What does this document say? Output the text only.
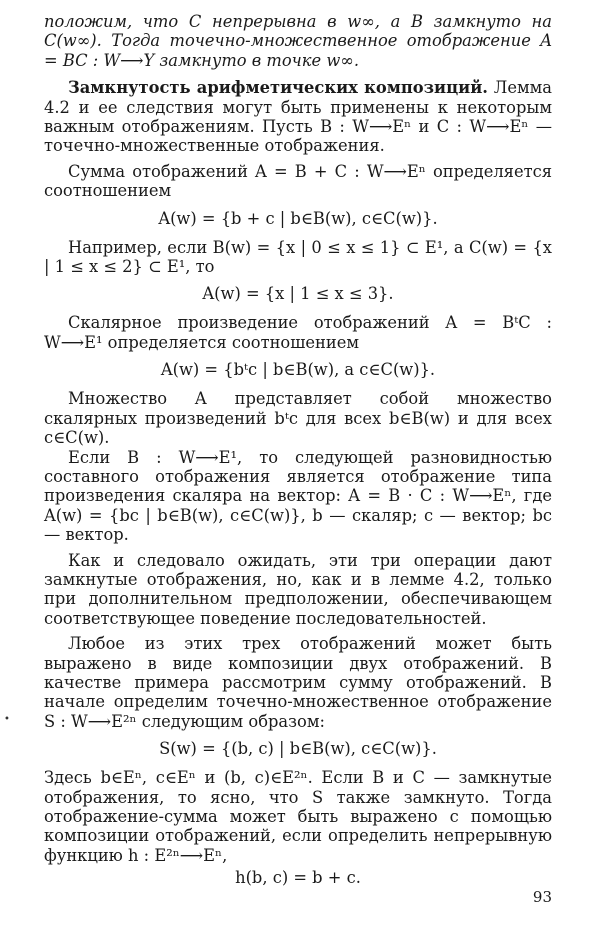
положим, что C непрерывна в w∞, а B замкнуто на C(w∞). Тогда точечно-множественное отображение A = BC : W⟶Y замкнуто в точке w∞.

Замкнутость арифметических композиций. Лемма 4.2 и ее следствия могут быть применены к некоторым важным отображениям. Пусть B : W⟶Eⁿ и C : W⟶Eⁿ — точечно-множественные отображения.

Сумма отображений A = B + C : W⟶Eⁿ определяется соотношением

A(w) = {b + c | b∈B(w), c∈C(w)}.

Например, если B(w) = {x | 0 ≤ x ≤ 1} ⊂ E¹, а C(w) = {x | 1 ≤ x ≤ 2} ⊂ E¹, то

A(w) = {x | 1 ≤ x ≤ 3}.

Скалярное произведение отображений A = BᵗC : W⟶E¹ определяется соотношением

A(w) = {bᵗc | b∈B(w), a c∈C(w)}.

Множество A представляет собой множество скалярных произведений bᵗc для всех b∈B(w) и для всех c∈C(w).

Если B : W⟶E¹, то следующей разновидностью составного отображения является отображение типа произведения скаляра на вектор: A = B · C : W⟶Eⁿ, где A(w) = {bc | b∈B(w), c∈C(w)}, b — скаляр; c — вектор; bc — вектор.

Как и следовало ожидать, эти три операции дают замкнутые отображения, но, как и в лемме 4.2, только при дополнительном предположении, обеспечивающем соответствующее поведение последовательностей.

Любое из этих трех отображений может быть выражено в виде композиции двух отображений. В качестве примера рассмотрим сумму отображений. В начале определим точечно-множественное отображение S : W⟶E²ⁿ следующим образом:

S(w) = {(b, c) | b∈B(w), c∈C(w)}.

Здесь b∈Eⁿ, c∈Eⁿ и (b, c)∈E²ⁿ. Если B и C — замкнутые отображения, то ясно, что S также замкнуто. Тогда отображение-сумма может быть выражено с помощью композиции отображений, если определить непрерывную функцию h : E²ⁿ⟶Eⁿ,

h(b, c) = b + c.

•
93
